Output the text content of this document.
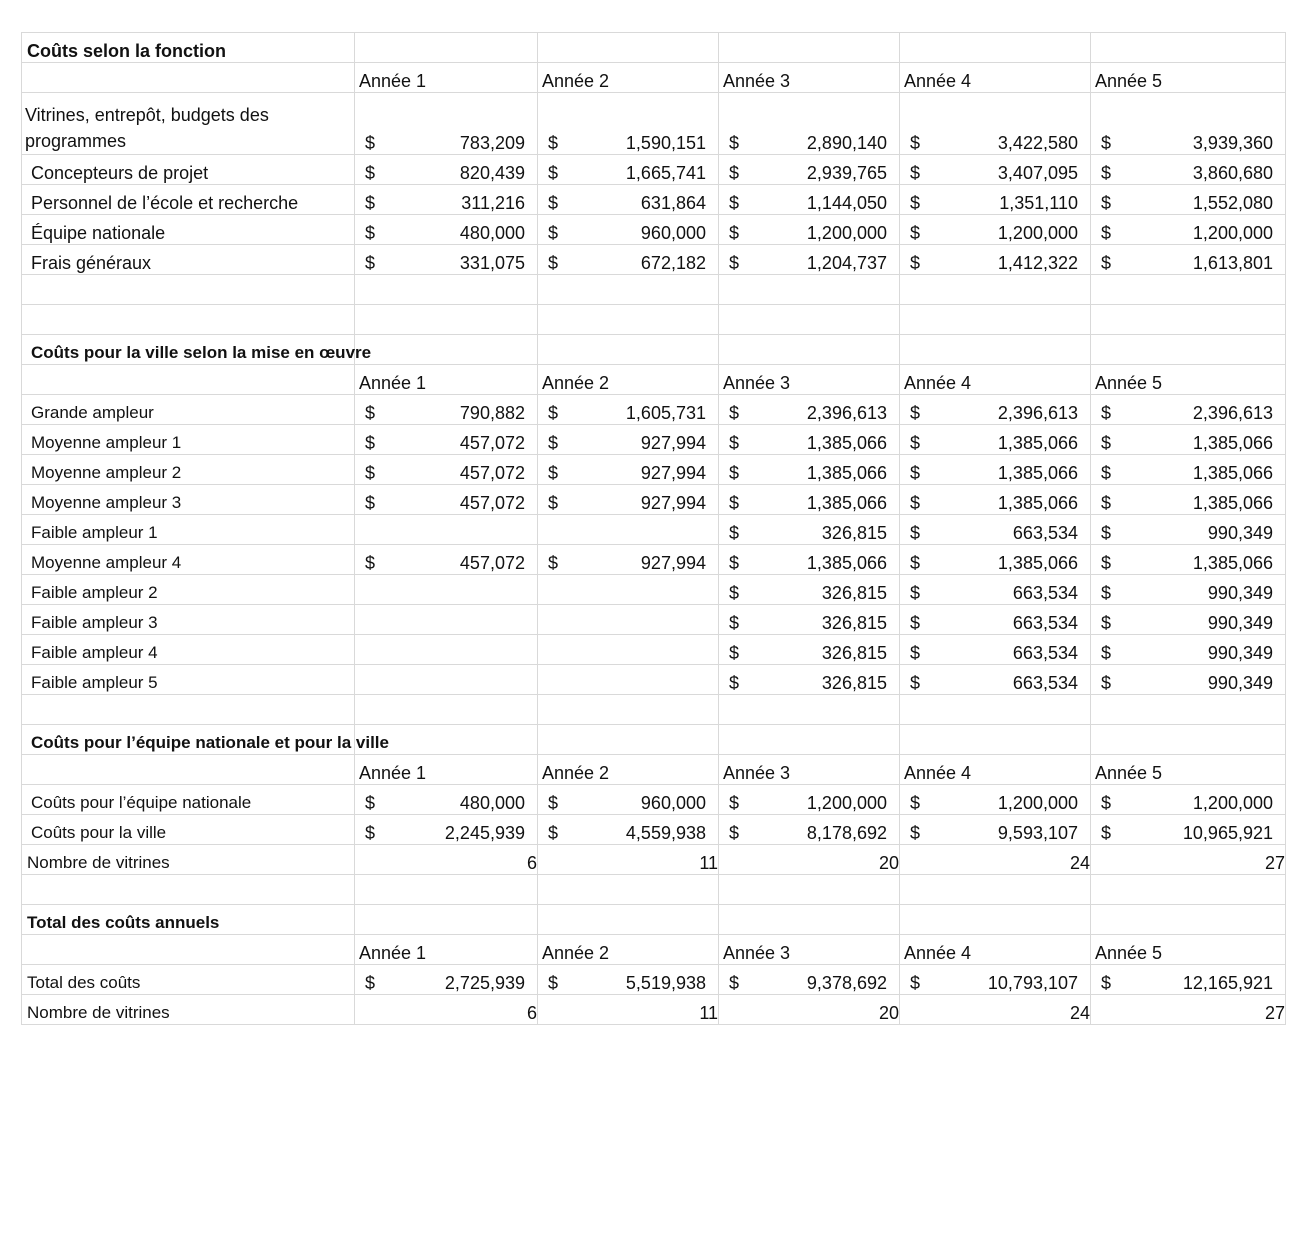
Coûts selon la fonction					
	Année 1	Année 2	Année 3	Année 4	Année 5
Vitrines, entrepôt, budgets des programmes	$ 783,209	$ 1,590,151	$ 2,890,140	$ 3,422,580	$ 3,939,360

Concepteurs de projet	$ 820,439	$ 1,665,741	$ 2,939,765	$ 3,407,095	$ 3,860,680

Personnel de l’école et recherche	$ 311,216	$ 631,864	$ 1,144,050	$ 1,351,110	$ 1,552,080

Équipe nationale	$ 480,000	$ 960,000	$ 1,200,000	$ 1,200,000	$ 1,200,000

Frais généraux	$ 331,075	$ 672,182	$ 1,204,737	$ 1,412,322	$ 1,613,801

Coûts pour la ville selon la mise en œuvre					
	Année 1	Année 2	Année 3	Année 4	Année 5
Grande ampleur	$ 790,882	$ 1,605,731	$ 2,396,613	$ 2,396,613	$ 2,396,613

Moyenne ampleur 1	$ 457,072	$ 927,994	$ 1,385,066	$ 1,385,066	$ 1,385,066

Moyenne ampleur 2	$ 457,072	$ 927,994	$ 1,385,066	$ 1,385,066	$ 1,385,066

Moyenne ampleur 3	$ 457,072	$ 927,994	$ 1,385,066	$ 1,385,066	$ 1,385,066

Faible ampleur 1			$ 326,815	$ 663,534	$ 990,349

Moyenne ampleur 4	$ 457,072	$ 927,994	$ 1,385,066	$ 1,385,066	$ 1,385,066

Faible ampleur 2			$ 326,815	$ 663,534	$ 990,349

Faible ampleur 3			$ 326,815	$ 663,534	$ 990,349

Faible ampleur 4			$ 326,815	$ 663,534	$ 990,349

Faible ampleur 5			$ 326,815	$ 663,534	$ 990,349

Coûts pour l’équipe nationale et pour la ville					
	Année 1	Année 2	Année 3	Année 4	Année 5
Coûts pour l’équipe nationale	$ 480,000	$ 960,000	$ 1,200,000	$ 1,200,000	$ 1,200,000

Coûts pour la ville	$ 2,245,939	$ 4,559,938	$ 8,178,692	$ 9,593,107	$ 10,965,921

Nombre de vitrines	6	11	20	24	27

Total des coûts annuels					
	Année 1	Année 2	Année 3	Année 4	Année 5
Total des coûts	$ 2,725,939	$ 5,519,938	$ 9,378,692	$ 10,793,107	$ 12,165,921

Nombre de vitrines	6	11	20	24	27
